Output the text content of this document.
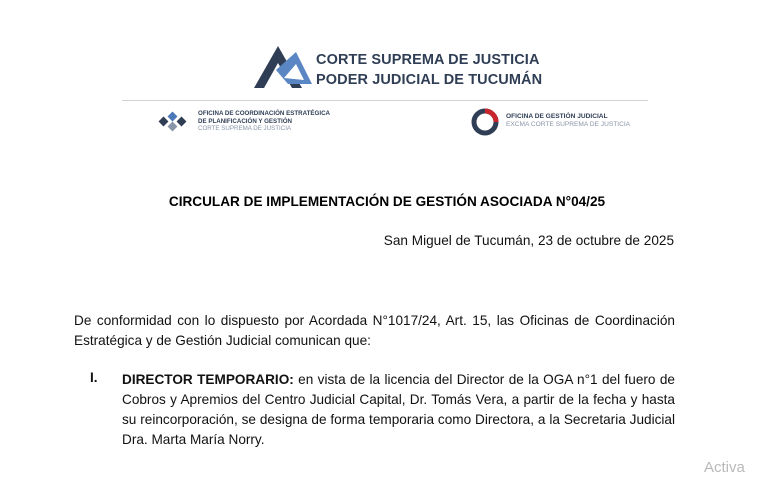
CORTE SUPREMA DE JUSTICIA
PODER JUDICIAL DE TUCUMÁN
OFICINA DE COORDINACIÓN ESTRATÉGICA
DE PLANIFICACIÓN Y GESTIÓN
CORTE SUPREMA DE JUSTICIA
OFICINA DE GESTIÓN JUDICIAL
EXCMA CORTE SUPREMA DE JUSTICIA
CIRCULAR DE IMPLEMENTACIÓN DE GESTIÓN ASOCIADA N°04/25
San Miguel de Tucumán, 23 de octubre de 2025
De conformidad con lo dispuesto por Acordada N°1017/24, Art. 15, las Oficinas de Coordinación Estratégica y de Gestión Judicial comunican que:
I. DIRECTOR TEMPORARIO: en vista de la licencia del Director de la OGA n°1 del fuero de Cobros y Apremios del Centro Judicial Capital, Dr. Tomás Vera, a partir de la fecha y hasta su reincorporación, se designa de forma temporaria como Directora, a la Secretaria Judicial Dra. Marta María Norry.
Activa
